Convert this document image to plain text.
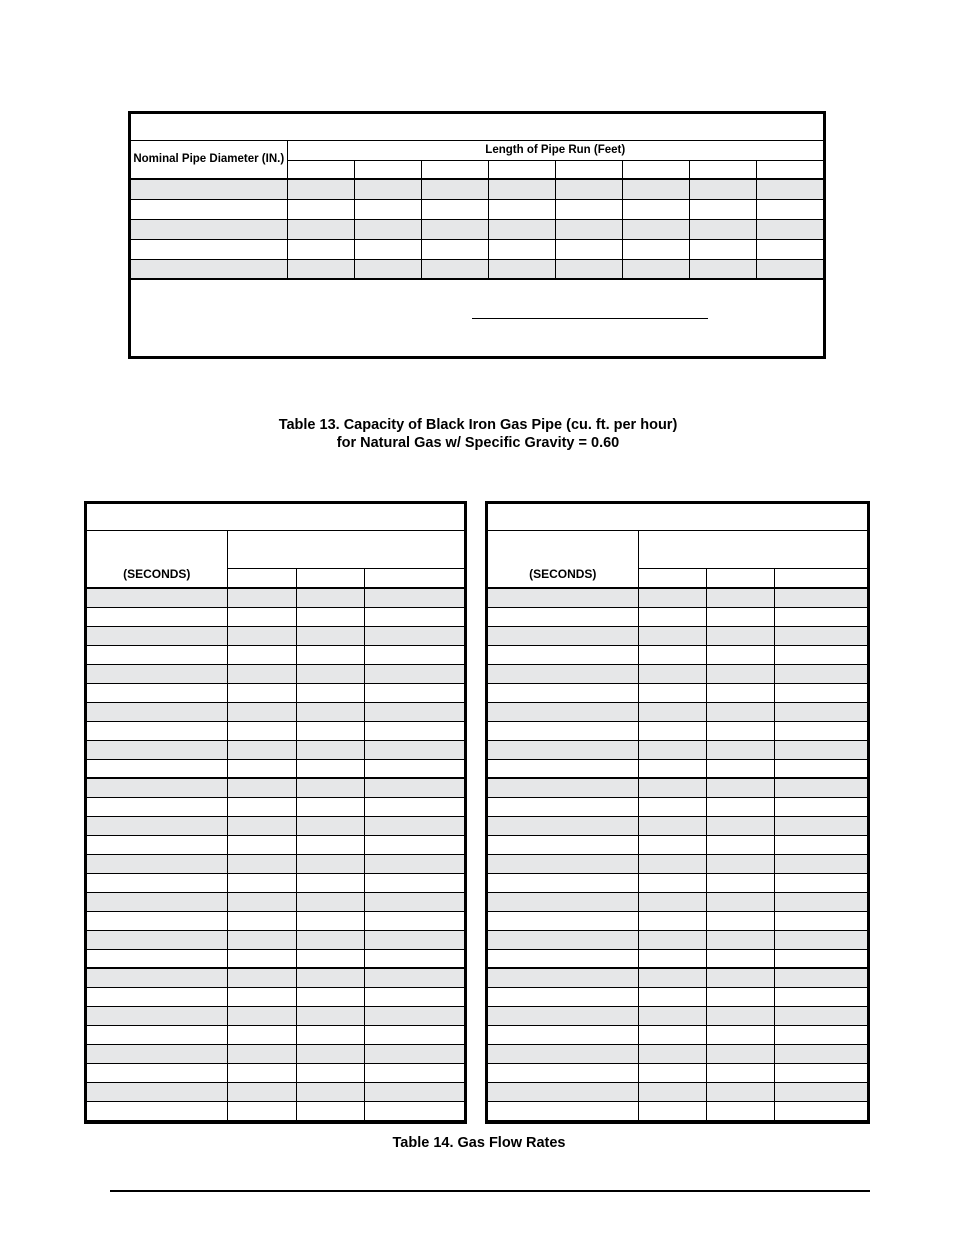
Nominal Pipe Diameter (IN.)	Length of Pipe Run (Feet)							

Table 13. Capacity of Black Iron Gas Pipe (cu. ft. per hour)
for Natural Gas w/ Specific Gravity = 0.60

(SECONDS)			

				(SECONDS)			

Table 14. Gas Flow Rates
